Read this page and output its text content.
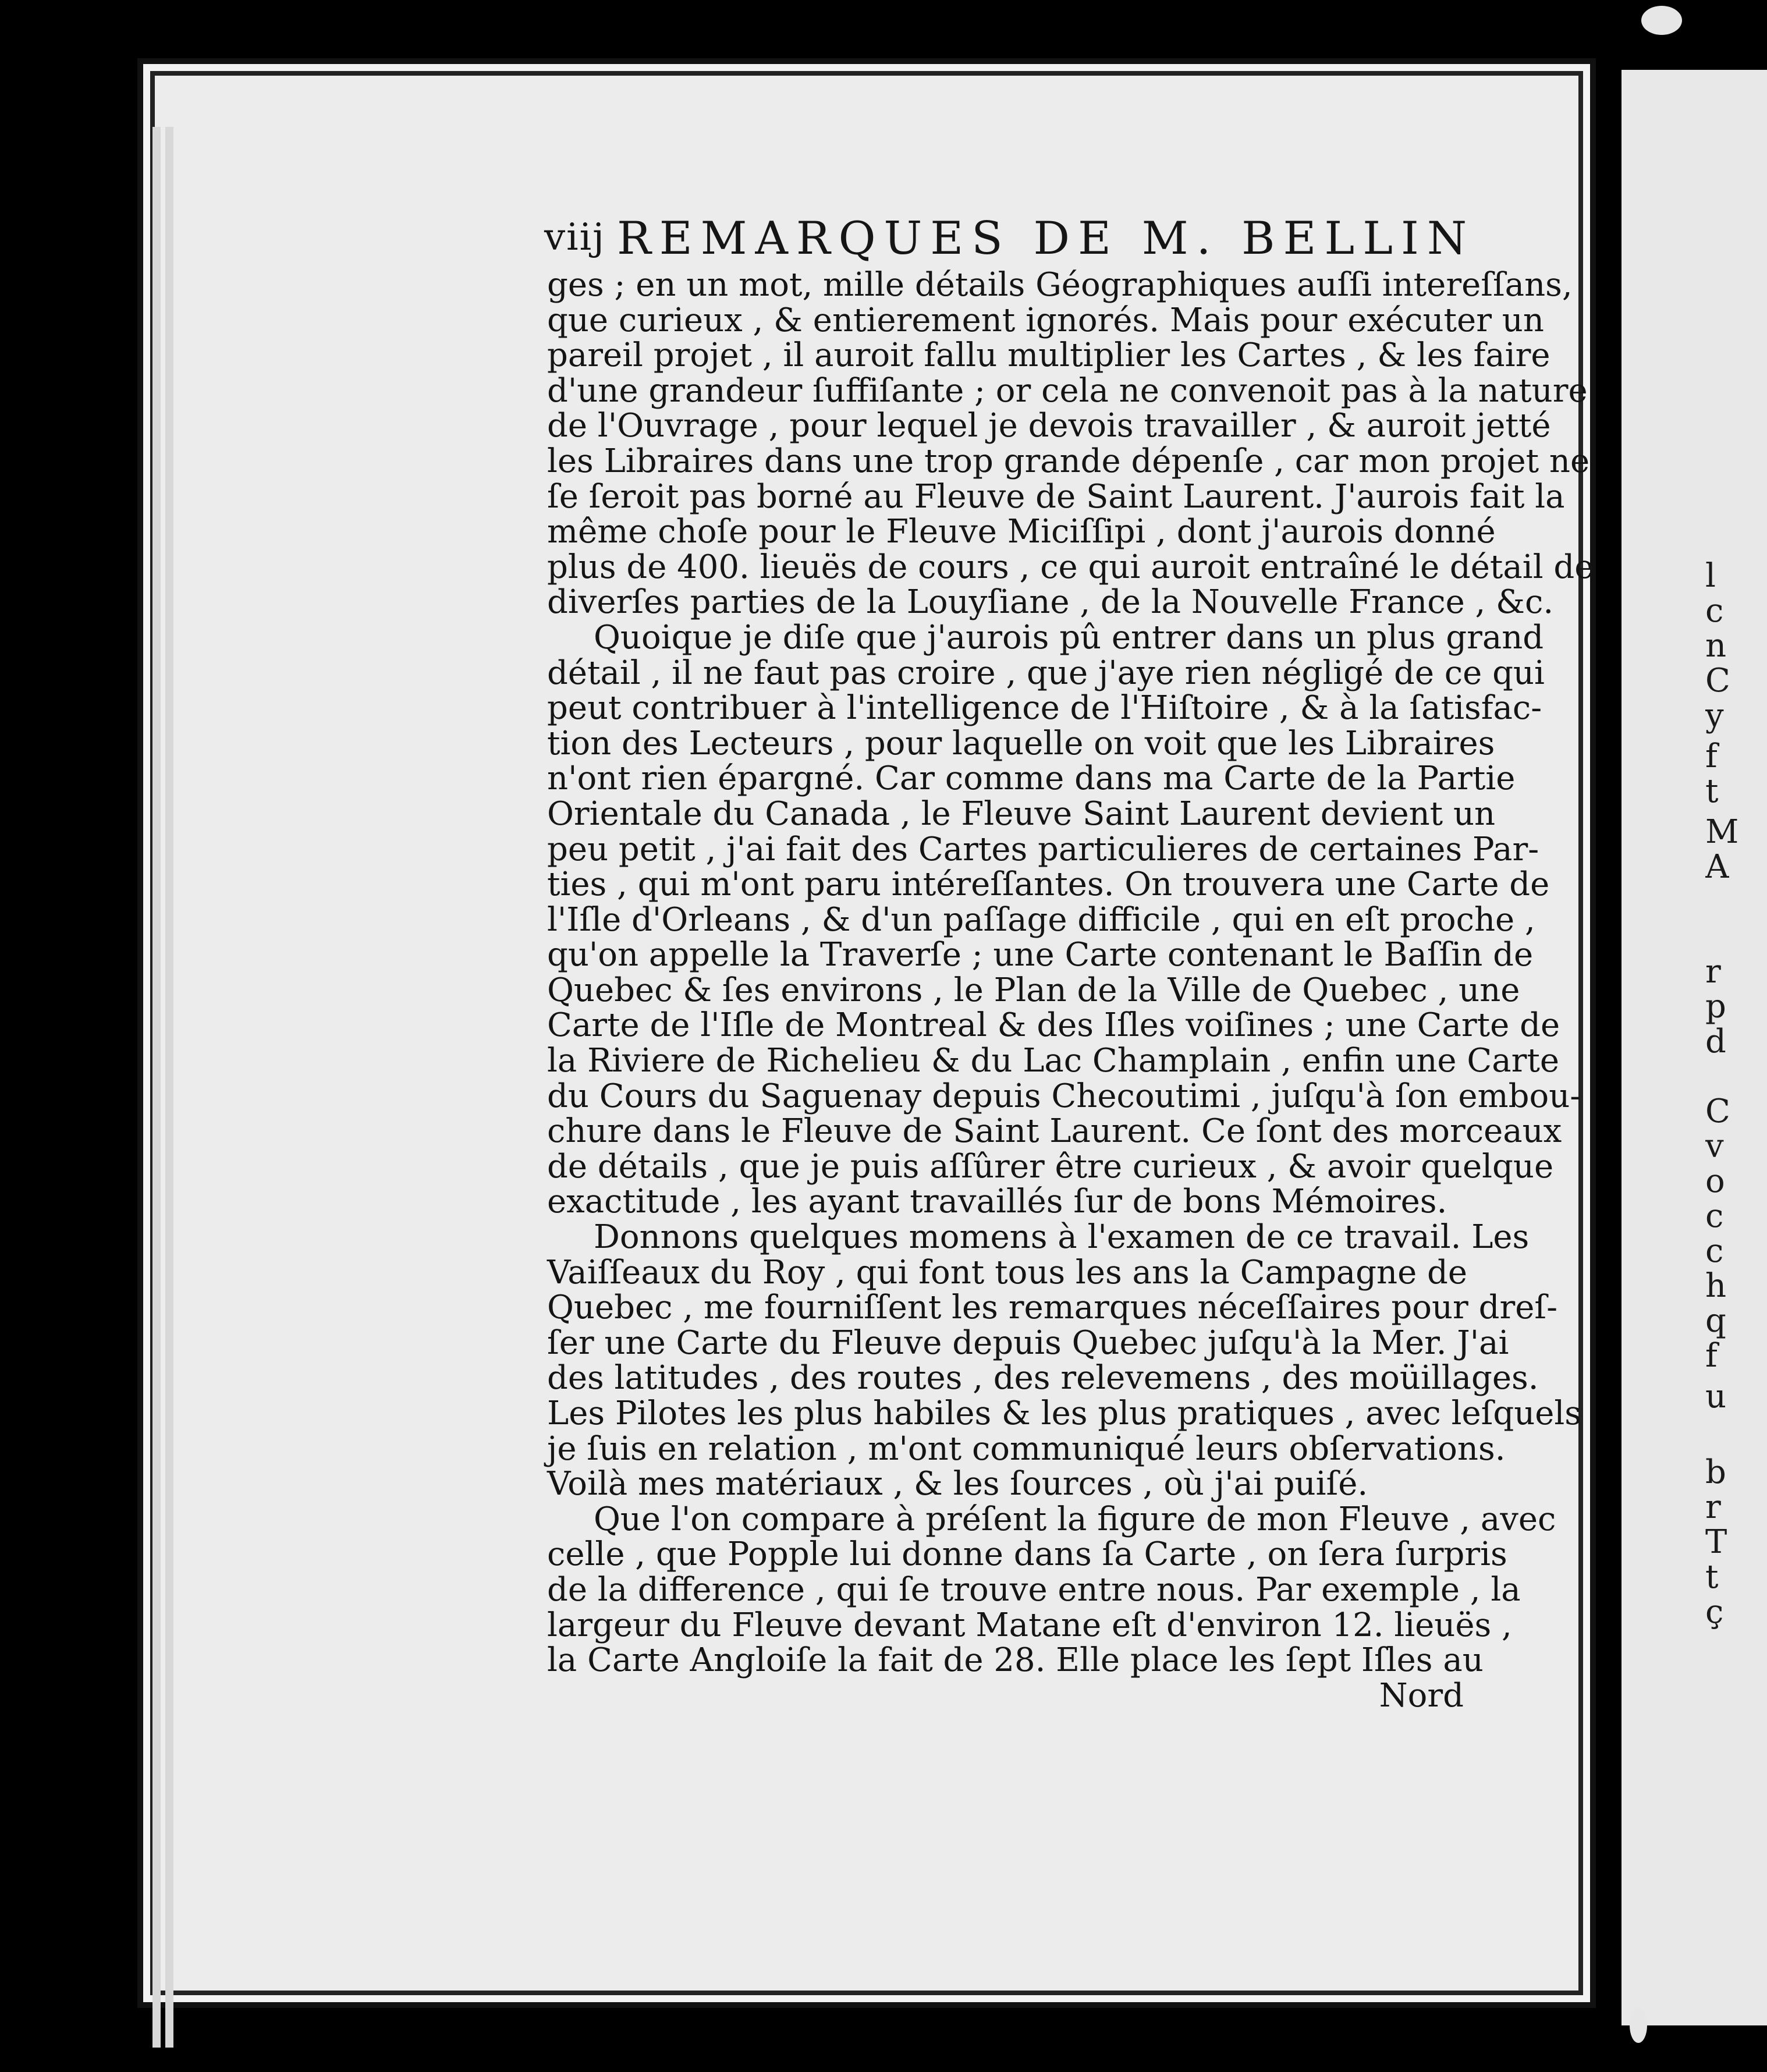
viij REMARQUES DE M. BELLIN
ges ; en un mot, mille détails Géographiques auſſi intereſſans,
que curieux , & entierement ignorés. Mais pour exécuter un
pareil projet , il auroit fallu multiplier les Cartes , & les faire
d'une grandeur ſuffiſante ; or cela ne convenoit pas à la nature
de l'Ouvrage , pour lequel je devois travailler , & auroit jetté
les Libraires dans une trop grande dépenſe , car mon projet ne
ſe ſeroit pas borné au Fleuve de Saint Laurent. J'aurois fait la
même choſe pour le Fleuve Miciſſipi , dont j'aurois donné
plus de 400. lieuës de cours , ce qui auroit entraîné le détail de
diverſes parties de la Louyſiane , de la Nouvelle France , &c.
Quoique je diſe que j'aurois pû entrer dans un plus grand
détail , il ne faut pas croire , que j'aye rien négligé de ce qui
peut contribuer à l'intelligence de l'Hiſtoire , & à la ſatisfac-
tion des Lecteurs , pour laquelle on voit que les Libraires
n'ont rien épargné. Car comme dans ma Carte de la Partie
Orientale du Canada , le Fleuve Saint Laurent devient un
peu petit , j'ai fait des Cartes particulieres de certaines Par-
ties , qui m'ont paru intéreſſantes. On trouvera une Carte de
l'Iſle d'Orleans , & d'un paſſage difficile , qui en eſt proche ,
qu'on appelle la Traverſe ; une Carte contenant le Baſſin de
Quebec & ſes environs , le Plan de la Ville de Quebec , une
Carte de l'Iſle de Montreal & des Iſles voiſines ; une Carte de
la Riviere de Richelieu & du Lac Champlain , enfin une Carte
du Cours du Saguenay depuis Checoutimi , juſqu'à ſon embou-
chure dans le Fleuve de Saint Laurent. Ce ſont des morceaux
de détails , que je puis aſſûrer être curieux , & avoir quelque
exactitude , les ayant travaillés ſur de bons Mémoires.
Donnons quelques momens à l'examen de ce travail. Les
Vaiſſeaux du Roy , qui font tous les ans la Campagne de
Quebec , me fourniſſent les remarques néceſſaires pour dreſ-
ſer une Carte du Fleuve depuis Quebec juſqu'à la Mer. J'ai
des latitudes , des routes , des relevemens , des moüillages.
Les Pilotes les plus habiles & les plus pratiques , avec leſquels
je ſuis en relation , m'ont communiqué leurs obſervations.
Voilà mes matériaux , & les ſources , où j'ai puiſé.
Que l'on compare à préſent la figure de mon Fleuve , avec
celle , que Popple lui donne dans ſa Carte , on ſera ſurpris
de la difference , qui ſe trouve entre nous. Par exemple , la
largeur du Fleuve devant Matane eſt d'environ 12. lieuës ,
la Carte Angloiſe la fait de 28. Elle place les ſept Iſles au
Nord
l
c
n
C
y
f
t
M
A
r
p
d
C
v
o
c
c
h
q
f
u
b
r
T
t
ç
